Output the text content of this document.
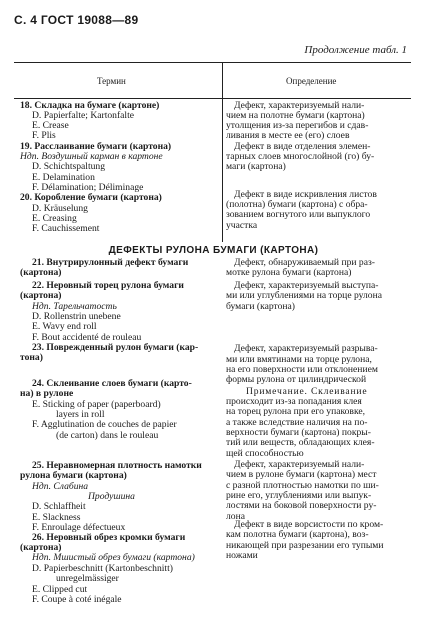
С. 4 ГОСТ 19088—89
Продолжение табл. 1
Термин	Определение
ДЕФЕКТЫ РУЛОНА БУМАГИ (КАРТОНА)
18. Складка на бумаге (картоне)
D. Papierfalte; Kartonfalte
E. Crease
F. Plis
19. Расслаивание бумаги (картона)
Ндп. Воздушный карман в картоне
D. Schichtspaltung
E. Delamination
F. Délamination; Déliminage
20. Коробление бумаги (картона)
D. Kräuselung
E. Creasing
F. Cauchissement
21. Внутрирулонный дефект бумаги
(картона)
22. Неровный торец рулона бумаги
(картона)
Ндп. Тарельчатость
D. Rollenstrin unebene
E. Wavy end roll
F. Bout accidenté de rouleau
23. Поврежденный рулон бумаги (кар-
тона)
24. Склеивание слоев бумаги (карто-
на) в рулоне
E. Sticking of paper (paperboard)
layers in roll
F. Agglutination de couches de papier
(de carton) dans le rouleau
25. Неравномерная плотность намотки
рулона бумаги (картона)
Ндп. Слабина
Продушина
D. Schlaffheit
E. Slackness
F. Enroulage défectueux
26. Неровный обрез кромки бумаги
(картона)
Ндп. Мшистый обрез бумаги (картона)
D. Papierbeschnitt (Kartonbeschnitt)
unregelmässiger
E. Clipped cut
F. Coupe à coté inégale
Дефект, характеризуемый нали-
чием на полотне бумаги (картона)
утолщения из-за перегибов и сдав-
ливания в месте ее (его) слоев
Дефект в виде отделения элемен-
тарных слоев многослойной (го) бу-
маги (картона)
Дефект в виде искривления листов
(полотна) бумаги (картона) с обра-
зованием вогнутого или выпуклого
участка
Дефект, обнаруживаемый при раз-
мотке рулона бумаги (картона)
Дефект, характеризуемый выступа-
ми или углублениями на торце рулона
бумаги (картона)
Дефект, характеризуемый разрыва-
ми или вмятинами на торце рулона,
на его поверхности или отклонением
формы рулона от цилиндрической
Примечание. Склеивание
происходит из-за попадания клея
на торец рулона при его упаковке,
а также вследствие наличия на по-
верхности бумаги (картона) покры-
тий или веществ, обладающих клея-
щей способностью
Дефект, характеризуемый нали-
чием в рулоне бумаги (картона) мест
с разной плотностью намотки по ши-
рине его, углублениями или выпук-
лостями на боковой поверхности ру-
лона
Дефект в виде ворсистости по кром-
кам полотна бумаги (картона), воз-
никающей при разрезании его тупыми
ножами
